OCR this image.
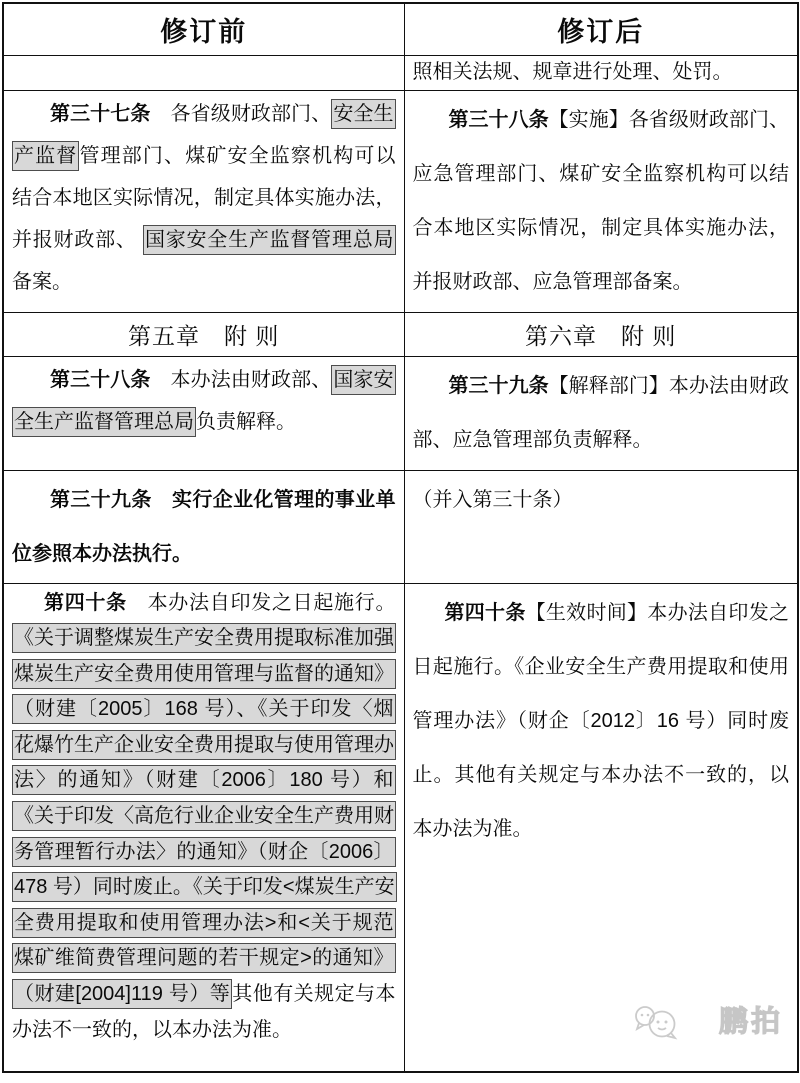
修订前	修订后
	照相关法规、规章进行处理、处罚。
第三十七条　各省级财政部门、 安全生产监督 管理部门、煤矿安全监察机构可以结合本地区实际情况，制定具体实施办法，并报财政部、 国家安全生产监督管理总局备案。	第三十八条【实施】各省级财政部门、应急管理部门、煤矿安全监察机构可以结合本地区实际情况，制定具体实施办法，并报财政部、应急管理部备案。
第五章　附 则	第六章　附 则
第三十八条　本办法由财政部、 国家安全生产监督管理总局 负责解释。	第三十九条【解释部门】本办法由财政部、应急管理部负责解释。
第三十九条　实行企业化管理的事业单位参照本办法执行。	（并入第三十条）
第四十条　本办法自印发之日起施行。《关于调整煤炭生产安全费用提取标准加强煤炭生产安全费用使用管理与监督的通知》（财建〔2005〕168 号）、《关于印发〈烟花爆竹生产企业安全费用提取与使用管理办法〉的通知》（财建〔2006〕180 号）和《关于印发〈高危行业企业安全生产费用财务管理暂行办法〉的通知》（财企〔2006〕478 号）同时废止。《关于印发<煤炭生产安全费用提取和使用管理办法>和<关于规范煤矿维简费管理问题的若干规定>的通知》（财建[2004]119 号）等 其他有关规定与本办法不一致的，以本办法为准。	第四十条【生效时间】本办法自印发之日起施行。《企业安全生产费用提取和使用管理办法》（财企〔2012〕16 号）同时废止。其他有关规定与本办法不一致的，以本办法为准。
鹏拍
